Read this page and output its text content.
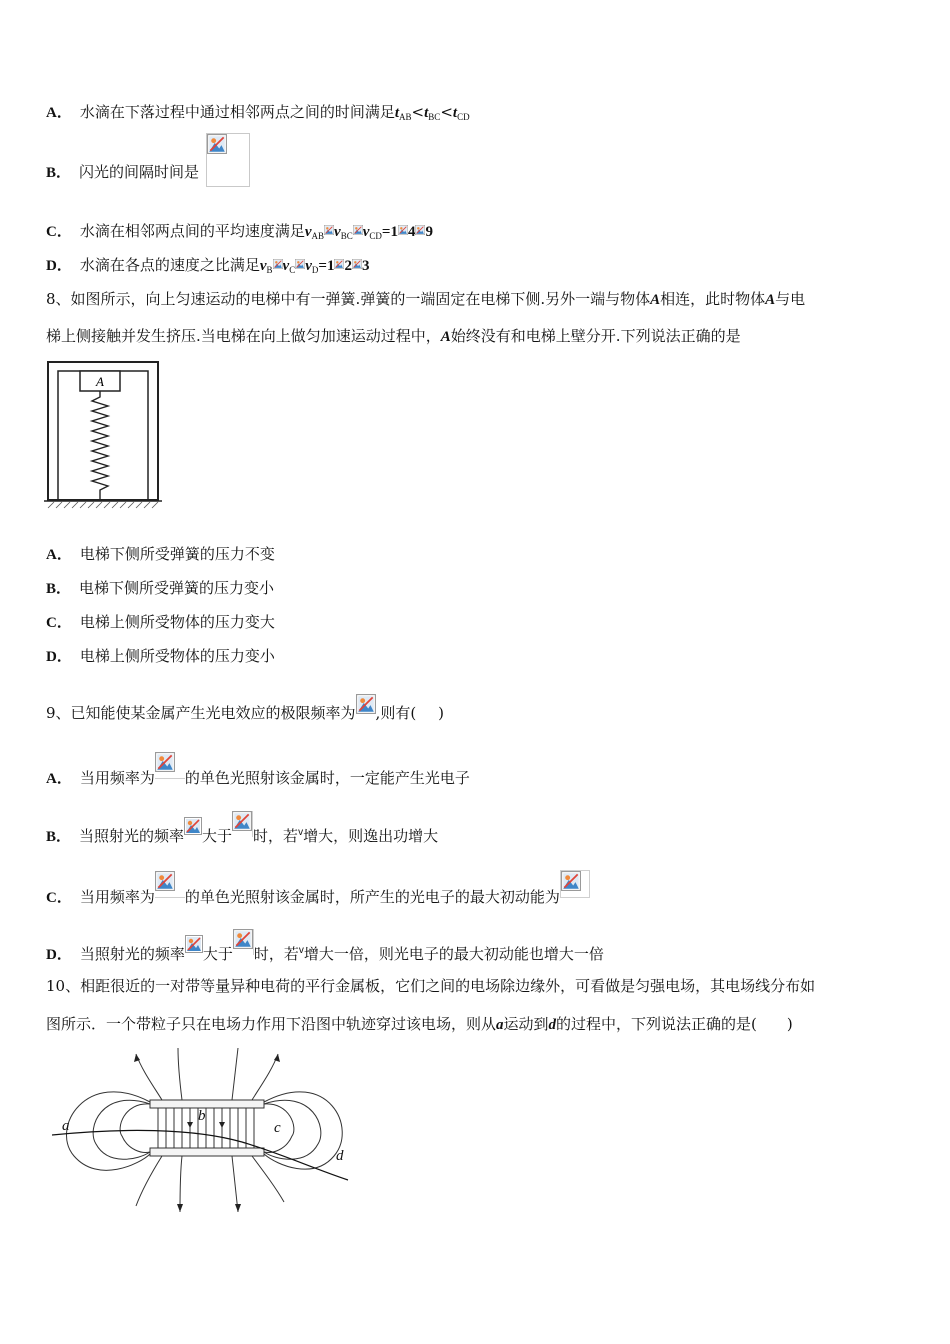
A． 水滴在下落过程中通过相邻两点之间的时间满足$t_{AB}<t_{BC}<t_{CD}$
B． 闪光的间隔时间是
C． 水滴在相邻两点间的平均速度满足$v_{AB}$ $v_{BC}$ $v_{CD}=1$ 4 9
D． 水滴在各点的速度之比满足$v_B$ $v_C$ $v_D=1$ 2 3
8、如图所示，向上匀速运动的电梯中有一弹簧.弹簧的一端固定在电梯下侧.另外一端与物体A相连，此时物体A与电
梯上侧接触并发生挤压.当电梯在向上做匀加速运动过程中，A始终没有和电梯上壁分开.下列说法正确的是
A
A． 电梯下侧所受弹簧的压力不变
B． 电梯下侧所受弹簧的压力变小
C． 电梯上侧所受物体的压力变大
D． 电梯上侧所受物体的压力变小
9、已知能使某金属产生光电效应的极限频率为 ,则有( )
A． 当用频率为 的单色光照射该金属时，一定能产生光电子
B． 当照射光的频率 大于 时，若$^v$增大，则逸出功增大
C． 当用频率为 的单色光照射该金属时，所产生的光电子的最大初动能为
D． 当照射光的频率 大于 时，若$^v$增大一倍，则光电子的最大初动能也增大一倍
10、相距很近的一对带等量异种电荷的平行金属板，它们之间的电场除边缘外，可看做是匀强电场，其电场线分布如
图所示．一个带粒子只在电场力作用下沿图中轨迹穿过该电场，则从a运动到d的过程中，下列说法正确的是( )
a
b
c
d
